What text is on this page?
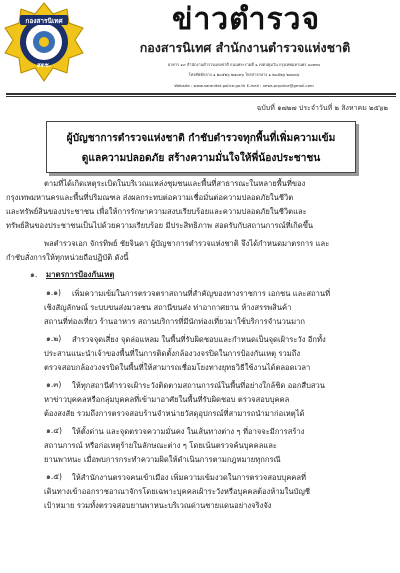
กองสารนิเทศ
สตช.
ข่าวตำรวจ
กองสารนิเทศ สำนักงานตำรวจแห่งชาติ
อาคาร ๑๙ สำนักงานตำรวจแห่งชาติ ถนนพระรามที่ ๑ เขตปทุมวัน กรุงเทพมหานคร ๑๐๓๓๐
โทรศัพท์กลาง ๑ ๒๐๕๒๖ ๒๗๐๓๖ โทรสารกลาง ๑ ๒๐๕๒๖ ๒๗๐๓๖
Website : www.saranitet.police.go.th E-mail : news.prpolice@gmail.com
ฉบับที่ ๑๗๒๗ ประจำวันที่ ๒ สิงหาคม ๒๕๖๒
ผู้บัญชาการตำรวจแห่งชาติ กำชับตำรวจทุกพื้นที่เพิ่มความเข้ม
ดูแลความปลอดภัย สร้างความมั่นใจให้พี่น้องประชาชน
ตามที่ได้เกิดเหตุระเบิดในบริเวณแหล่งชุมชนและพื้นที่สาธารณะในหลายพื้นที่ของ
กรุงเทพมหานครและพื้นที่ปริมณฑล ส่งผลกระทบต่อความเชื่อมั่นต่อความปลอดภัยในชีวิต
และทรัพย์สินของประชาชน เพื่อให้การรักษาความสงบเรียบร้อยและความปลอดภัยในชีวิตและ
ทรัพย์สินของประชาชนเป็นไปด้วยความเรียบร้อย มีประสิทธิภาพ สอดรับกับสถานการณ์ที่เกิดขึ้น
พลตำรวจเอก จักรทิพย์ ชัยจินดา ผู้บัญชาการตำรวจแห่งชาติ จึงได้กำหนดมาตรการ และ
กำชับสั่งการให้ทุกหน่วยถือปฏิบัติ ดังนี้
๑. มาตรการป้องกันเหตุ
๑.๑) เพิ่มความเข้มในการตรวจตราสถานที่สำคัญของทางราชการ เอกชน และสถานที่
เชิงสัญลักษณ์ ระบบขนส่งมวลชน สถานีขนส่ง ท่าอากาศยาน ห้างสรรพสินค้า
สถานที่ท่องเที่ยว ร้านอาหาร สถานบริการที่มีนักท่องเที่ยวมาใช้บริการจำนวนมาก
๑.๒) สำรวจจุดเสี่ยง จุดล่อแหลม ในพื้นที่รับผิดชอบและกำหนดเป็นจุดเฝ้าระวัง อีกทั้ง
ประสานแนะนำเจ้าของพื้นที่ในการติดตั้งกล้องวงจรปิดในการป้องกันเหตุ รวมถึง
ตรวจสอบกล้องวงจรปิดในพื้นที่ให้สามารถเชื่อมโยงทางยุทธวิธีใช้งานได้ตลอดเวลา
๑.๓) ให้ทุกสถานีตำรวจเฝ้าระวังติดตามสถานการณ์ในพื้นที่อย่างใกล้ชิด ออกสืบสวน
หาข่าวบุคคลหรือกลุ่มบุคคลที่เข้ามาอาศัยในพื้นที่รับผิดชอบ ตรวจสอบบุคคล
ต้องสงสัย รวมถึงการตรวจสอบร้านจำหน่ายวัสดุอุปกรณ์ที่สามารถนำมาก่อเหตุได้
๑.๔) ให้ตั้งด่าน และจุดตรวจความมั่นคง ในเส้นทางต่าง ๆ ที่อาจจะมีการสร้าง
สถานการณ์ หรือก่อเหตุร้ายในลักษณะต่าง ๆ โดยเน้นตรวจค้นบุคคลและ
ยานพาหนะ เมื่อพบการกระทำความผิดให้ดำเนินการตามกฎหมายทุกกรณี
๑.๕) ให้สำนักงานตรวจคนเข้าเมือง เพิ่มความเข้มงวดในการตรวจสอบบุคคลที่
เดินทางเข้าออกราชอาณาจักรโดยเฉพาะบุคคลเฝ้าระวังหรือบุคคลต้องห้ามในบัญชี
เป้าหมาย รวมทั้งตรวจสอบยานพาหนะบริเวณด่านชายแดนอย่างจริงจัง
